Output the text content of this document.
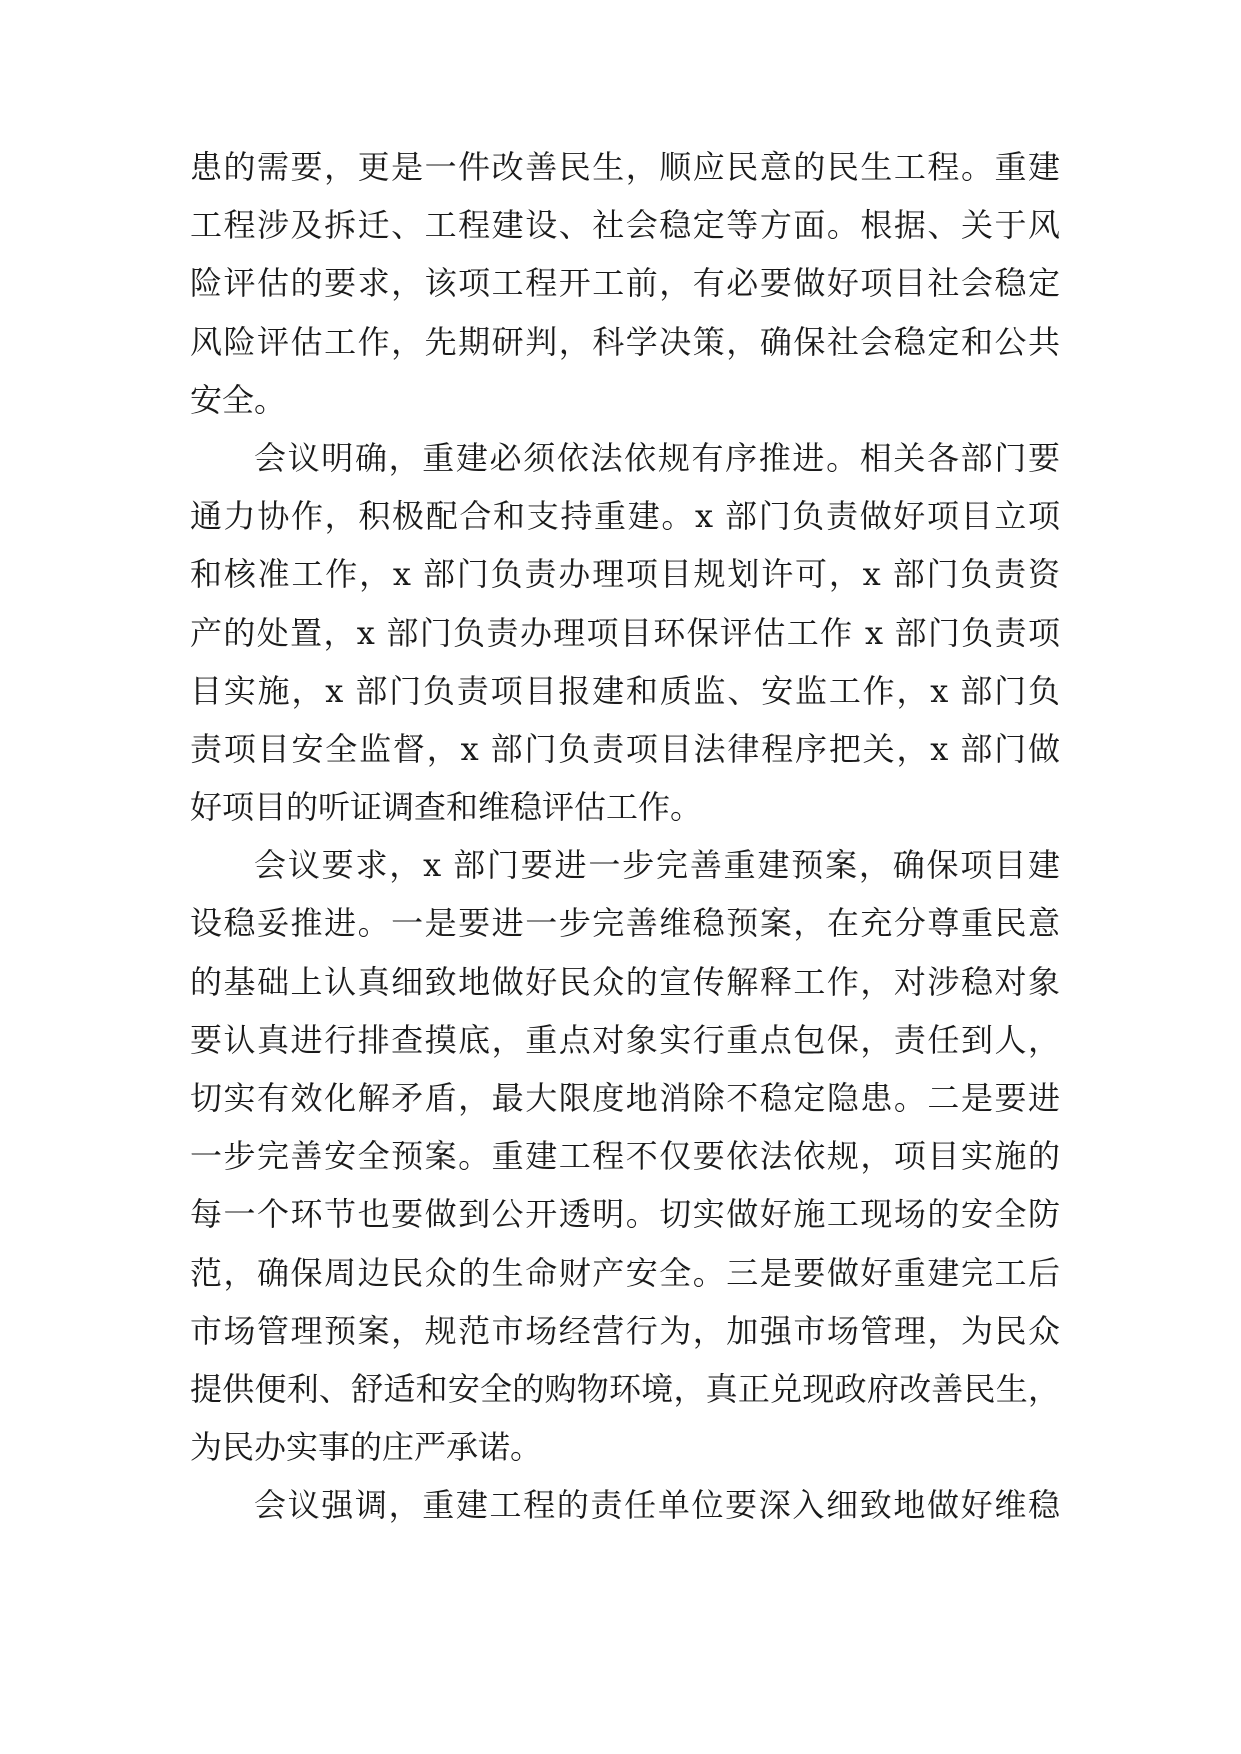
患的需要，更是一件改善民生，顺应民意的民生工程。重建
工程涉及拆迁、工程建设、社会稳定等方面。根据、关于风
险评估的要求，该项工程开工前，有必要做好项目社会稳定
风险评估工作，先期研判，科学决策，确保社会稳定和公共
安全。
会议明确，重建必须依法依规有序推进。相关各部门要
通力协作，积极配合和支持重建。x 部门负责做好项目立项
和核准工作，x 部门负责办理项目规划许可，x 部门负责资
产的处置，x 部门负责办理项目环保评估工作 x 部门负责项
目实施，x 部门负责项目报建和质监、安监工作，x 部门负
责项目安全监督，x 部门负责项目法律程序把关，x 部门做
好项目的听证调查和维稳评估工作。
会议要求，x 部门要进一步完善重建预案，确保项目建
设稳妥推进。一是要进一步完善维稳预案，在充分尊重民意
的基础上认真细致地做好民众的宣传解释工作，对涉稳对象
要认真进行排查摸底，重点对象实行重点包保，责任到人，
切实有效化解矛盾，最大限度地消除不稳定隐患。二是要进
一步完善安全预案。重建工程不仅要依法依规，项目实施的
每一个环节也要做到公开透明。切实做好施工现场的安全防
范，确保周边民众的生命财产安全。三是要做好重建完工后
市场管理预案，规范市场经营行为，加强市场管理，为民众
提供便利、舒适和安全的购物环境，真正兑现政府改善民生，
为民办实事的庄严承诺。
会议强调，重建工程的责任单位要深入细致地做好维稳
